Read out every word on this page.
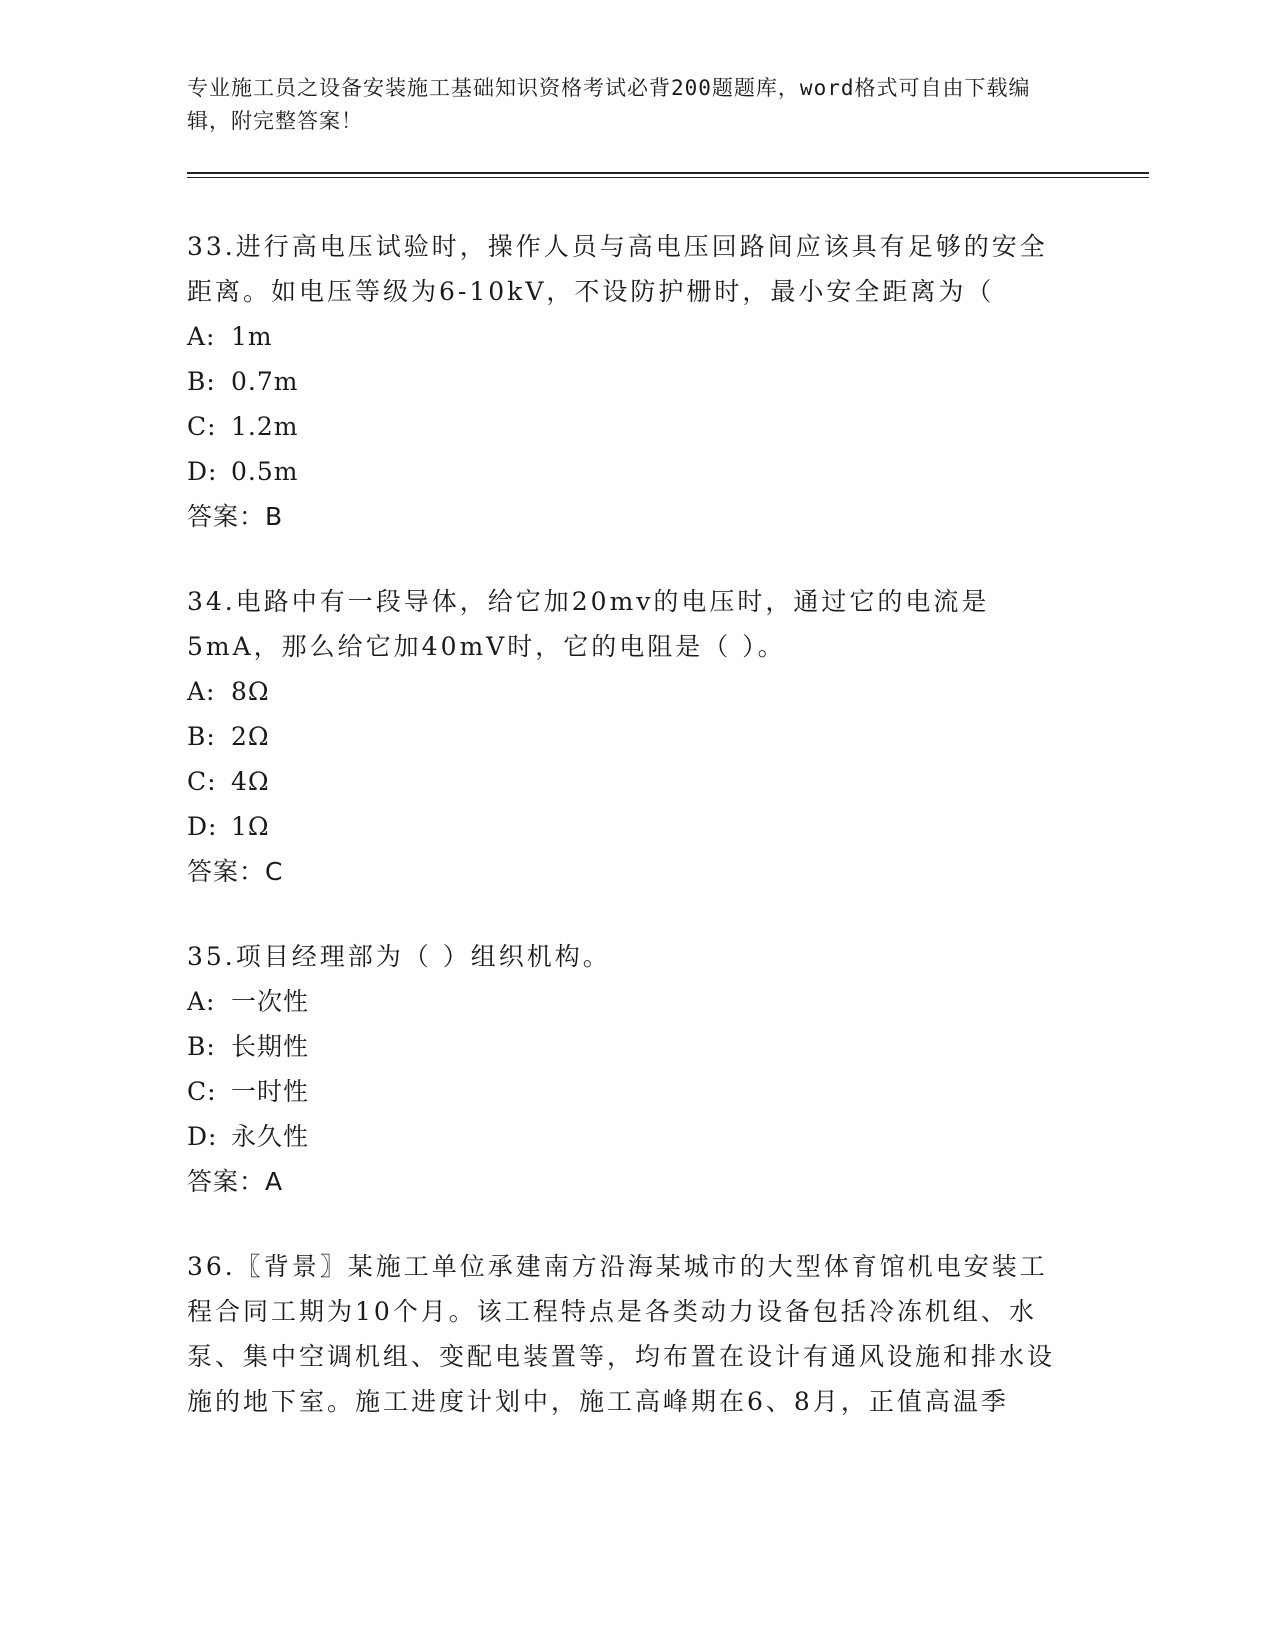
专业施工员之设备安装施工基础知识资格考试必背200题题库，word格式可自由下载编辑，附完整答案！
33.进行高电压试验时，操作人员与高电压回路间应该具有足够的安全距离。如电压等级为6-10kV，不设防护栅时，最小安全距离为（
A: 1m
B: 0.7m
C: 1.2m
D: 0.5m
答案：B
34.电路中有一段导体，给它加20mv的电压时，通过它的电流是5mA，那么给它加40mV时，它的电阻是（ ）。
A: 8Ω
B: 2Ω
C: 4Ω
D: 1Ω
答案：C
35.项目经理部为（ ）组织机构。
A: 一次性
B: 长期性
C: 一时性
D: 永久性
答案：A
36.〖背景〗某施工单位承建南方沿海某城市的大型体育馆机电安装工程合同工期为10个月。该工程特点是各类动力设备包括冷冻机组、水泵、集中空调机组、变配电装置等，均布置在设计有通风设施和排水设施的地下室。施工进度计划中，施工高峰期在6、8月，正值高温季
